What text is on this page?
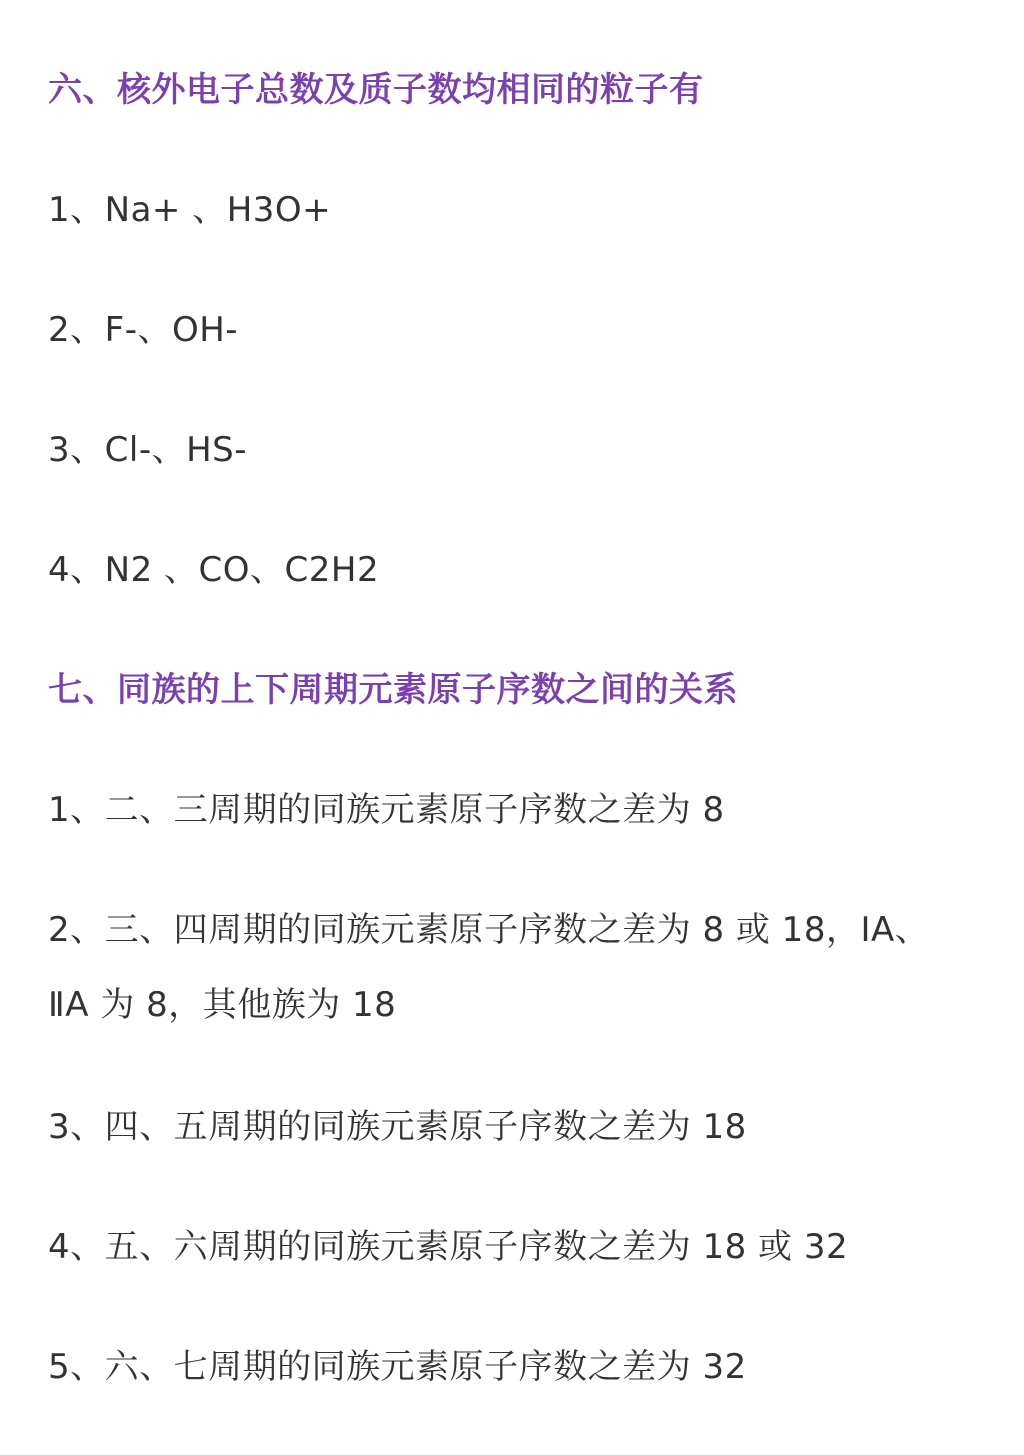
六、核外电子总数及质子数均相同的粒子有
1、Na+ 、H3O+
2、F-、OH-
3、Cl-、HS-
4、N2 、CO、C2H2
七、同族的上下周期元素原子序数之间的关系
1、二、三周期的同族元素原子序数之差为 8
2、三、四周期的同族元素原子序数之差为 8 或 18，ⅠA、
ⅡA 为 8，其他族为 18
3、四、五周期的同族元素原子序数之差为 18
4、五、六周期的同族元素原子序数之差为 18 或 32
5、六、七周期的同族元素原子序数之差为 32
